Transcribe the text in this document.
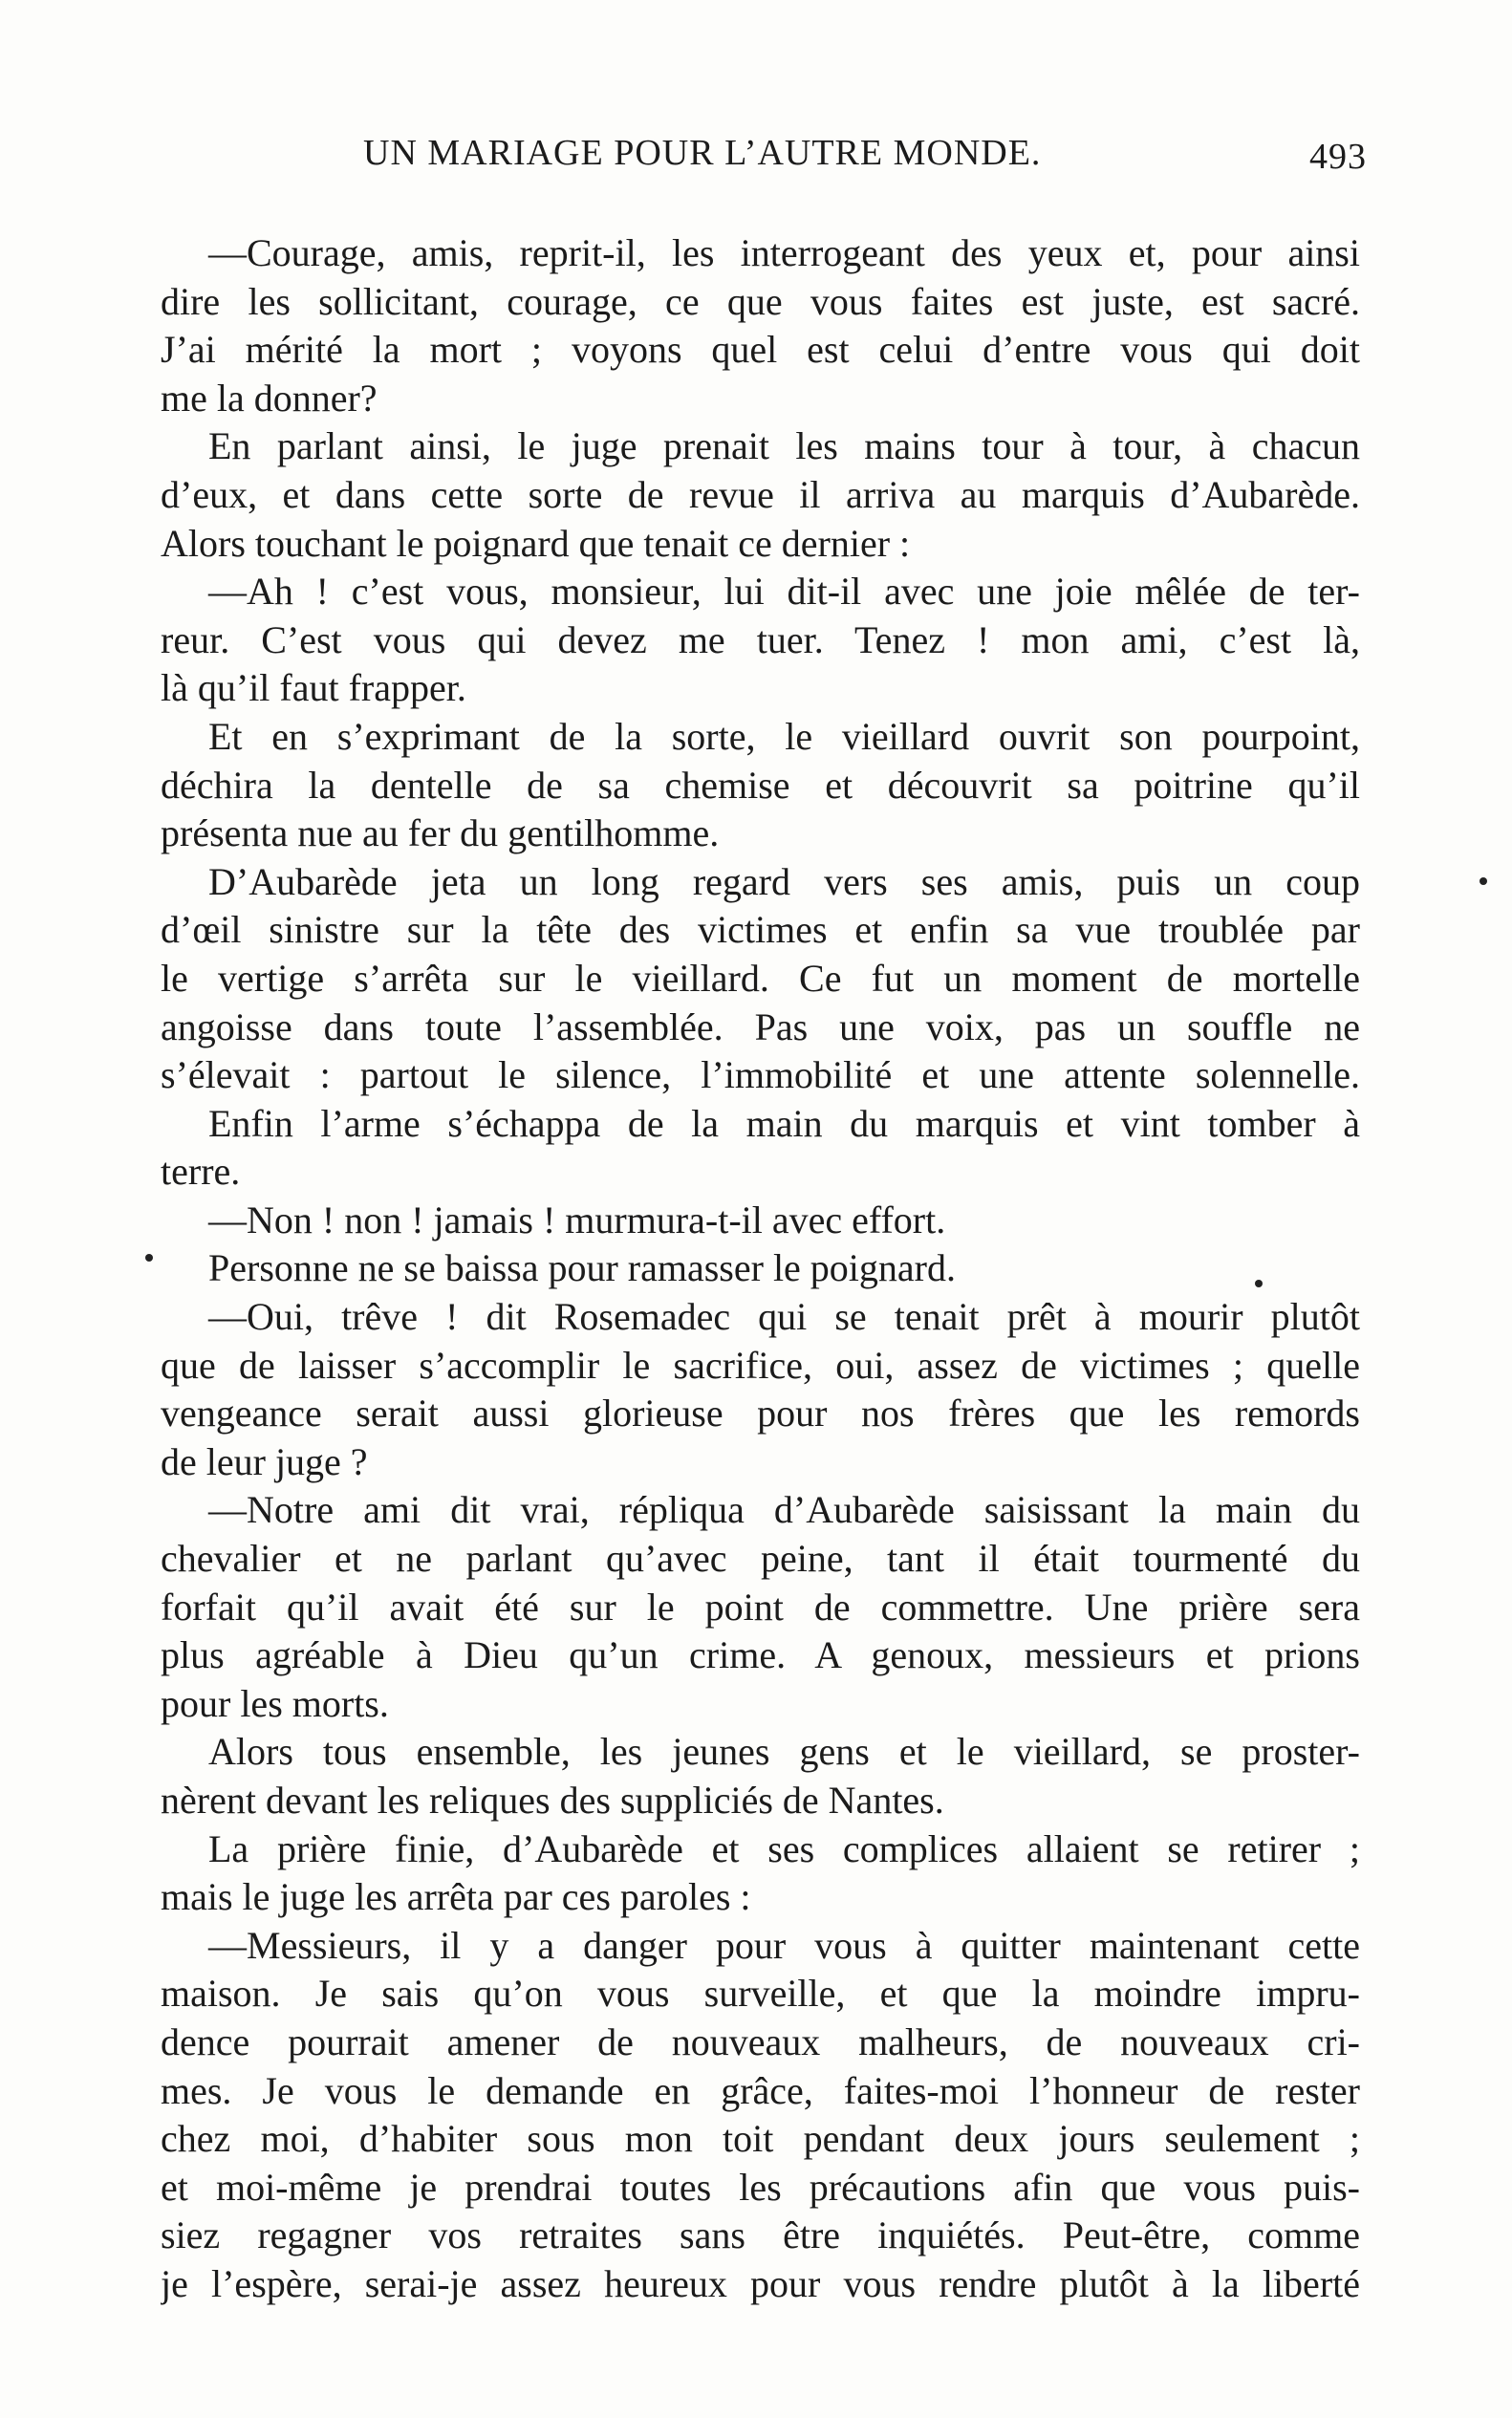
UN MARIAGE POUR L’AUTRE MONDE.	493
—Courage, amis, reprit-il, les interrogeant des yeux et, pour ainsi
dire les sollicitant, courage, ce que vous faites est juste, est sacré.
J’ai mérité la mort ; voyons quel est celui d’entre vous qui doit
me la donner?
En parlant ainsi, le juge prenait les mains tour à tour, à chacun
d’eux, et dans cette sorte de revue il arriva au marquis d’Aubarède.
Alors touchant le poignard que tenait ce dernier :
—Ah ! c’est vous, monsieur, lui dit-il avec une joie mêlée de ter-
reur. C’est vous qui devez me tuer. Tenez ! mon ami, c’est là,
là qu’il faut frapper.
Et en s’exprimant de la sorte, le vieillard ouvrit son pourpoint,
déchira la dentelle de sa chemise et découvrit sa poitrine qu’il
présenta nue au fer du gentilhomme.
D’Aubarède jeta un long regard vers ses amis, puis un coup
d’œil sinistre sur la tête des victimes et enfin sa vue troublée par
le vertige s’arrêta sur le vieillard. Ce fut un moment de mortelle
angoisse dans toute l’assemblée. Pas une voix, pas un souffle ne
s’élevait : partout le silence, l’immobilité et une attente solennelle.
Enfin l’arme s’échappa de la main du marquis et vint tomber à
terre.
—Non ! non ! jamais ! murmura-t-il avec effort.
Personne ne se baissa pour ramasser le poignard.
—Oui, trêve ! dit Rosemadec qui se tenait prêt à mourir plutôt
que de laisser s’accomplir le sacrifice, oui, assez de victimes ; quelle
vengeance serait aussi glorieuse pour nos frères que les remords
de leur juge ?
—Notre ami dit vrai, répliqua d’Aubarède saisissant la main du
chevalier et ne parlant qu’avec peine, tant il était tourmenté du
forfait qu’il avait été sur le point de commettre. Une prière sera
plus agréable à Dieu qu’un crime. A genoux, messieurs et prions
pour les morts.
Alors tous ensemble, les jeunes gens et le vieillard, se proster-
nèrent devant les reliques des suppliciés de Nantes.
La prière finie, d’Aubarède et ses complices allaient se retirer ;
mais le juge les arrêta par ces paroles :
—Messieurs, il y a danger pour vous à quitter maintenant cette
maison. Je sais qu’on vous surveille, et que la moindre impru-
dence pourrait amener de nouveaux malheurs, de nouveaux cri-
mes. Je vous le demande en grâce, faites-moi l’honneur de rester
chez moi, d’habiter sous mon toit pendant deux jours seulement ;
et moi-même je prendrai toutes les précautions afin que vous puis-
siez regagner vos retraites sans être inquiétés. Peut-être, comme
je l’espère, serai-je assez heureux pour vous rendre plutôt à la liberté
